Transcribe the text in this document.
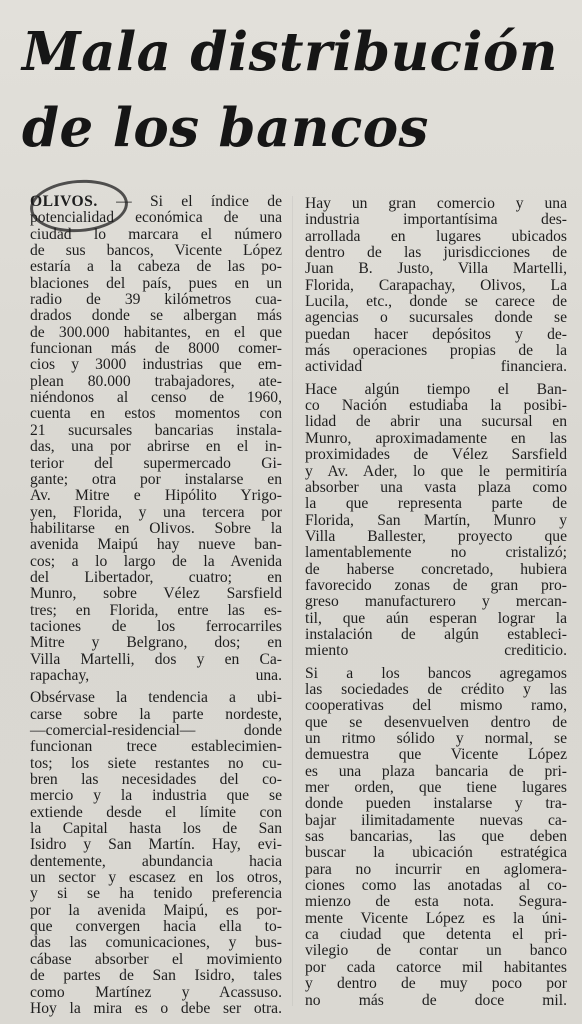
Mala distribución
de los bancos

OLIVOS. — Si el índice de
potencialidad económica de una
ciudad lo marcara el número
de sus bancos, Vicente López
estaría a la cabeza de las po-
blaciones del país, pues en un
radio de 39 kilómetros cua-
drados donde se albergan más
de 300.000 habitantes, en el que
funcionan más de 8000 comer-
cios y 3000 industrias que em-
plean 80.000 trabajadores, ate-
niéndonos al censo de 1960,
cuenta en estos momentos con
21 sucursales bancarias instala-
das, una por abrirse en el in-
terior del supermercado Gi-
gante; otra por instalarse en
Av. Mitre e Hipólito Yrigo-
yen, Florida, y una tercera por
habilitarse en Olivos. Sobre la
avenida Maipú hay nueve ban-
cos; a lo largo de la Avenida
del Libertador, cuatro; en
Munro, sobre Vélez Sarsfield
tres; en Florida, entre las es-
taciones de los ferrocarriles
Mitre y Belgrano, dos; en
Villa Martelli, dos y en Ca-
rapachay, una.

Obsérvase la tendencia a ubi-
carse sobre la parte nordeste,
—comercial-residencial— donde
funcionan trece establecimien-
tos; los siete restantes no cu-
bren las necesidades del co-
mercio y la industria que se
extiende desde el límite con
la Capital hasta los de San
Isidro y San Martín. Hay, evi-
dentemente, abundancia hacia
un sector y escasez en los otros,
y si se ha tenido preferencia
por la avenida Maipú, es por-
que convergen hacia ella to-
das las comunicaciones, y bus-
cábase absorber el movimiento
de partes de San Isidro, tales
como Martínez y Acassuso.
Hoy la mira es o debe ser otra.

Hay un gran comercio y una
industria importantísima des-
arrollada en lugares ubicados
dentro de las jurisdicciones de
Juan B. Justo, Villa Martelli,
Florida, Carapachay, Olivos, La
Lucila, etc., donde se carece de
agencias o sucursales donde se
puedan hacer depósitos y de-
más operaciones propias de la
actividad financiera.

Hace algún tiempo el Ban-
co Nación estudiaba la posibi-
lidad de abrir una sucursal en
Munro, aproximadamente en las
proximidades de Vélez Sarsfield
y Av. Ader, lo que le permitiría
absorber una vasta plaza como
la que representa parte de
Florida, San Martín, Munro y
Villa Ballester, proyecto que
lamentablemente no cristalizó;
de haberse concretado, hubiera
favorecido zonas de gran pro-
greso manufacturero y mercan-
til, que aún esperan lograr la
instalación de algún estableci-
miento crediticio.

Si a los bancos agregamos
las sociedades de crédito y las
cooperativas del mismo ramo,
que se desenvuelven dentro de
un ritmo sólido y normal, se
demuestra que Vicente López
es una plaza bancaria de pri-
mer orden, que tiene lugares
donde pueden instalarse y tra-
bajar ilimitadamente nuevas ca-
sas bancarias, las que deben
buscar la ubicación estratégica
para no incurrir en aglomera-
ciones como las anotadas al co-
mienzo de esta nota. Segura-
mente Vicente López es la úni-
ca ciudad que detenta el pri-
vilegio de contar un banco
por cada catorce mil habitantes
y dentro de muy poco por
no más de doce mil.
